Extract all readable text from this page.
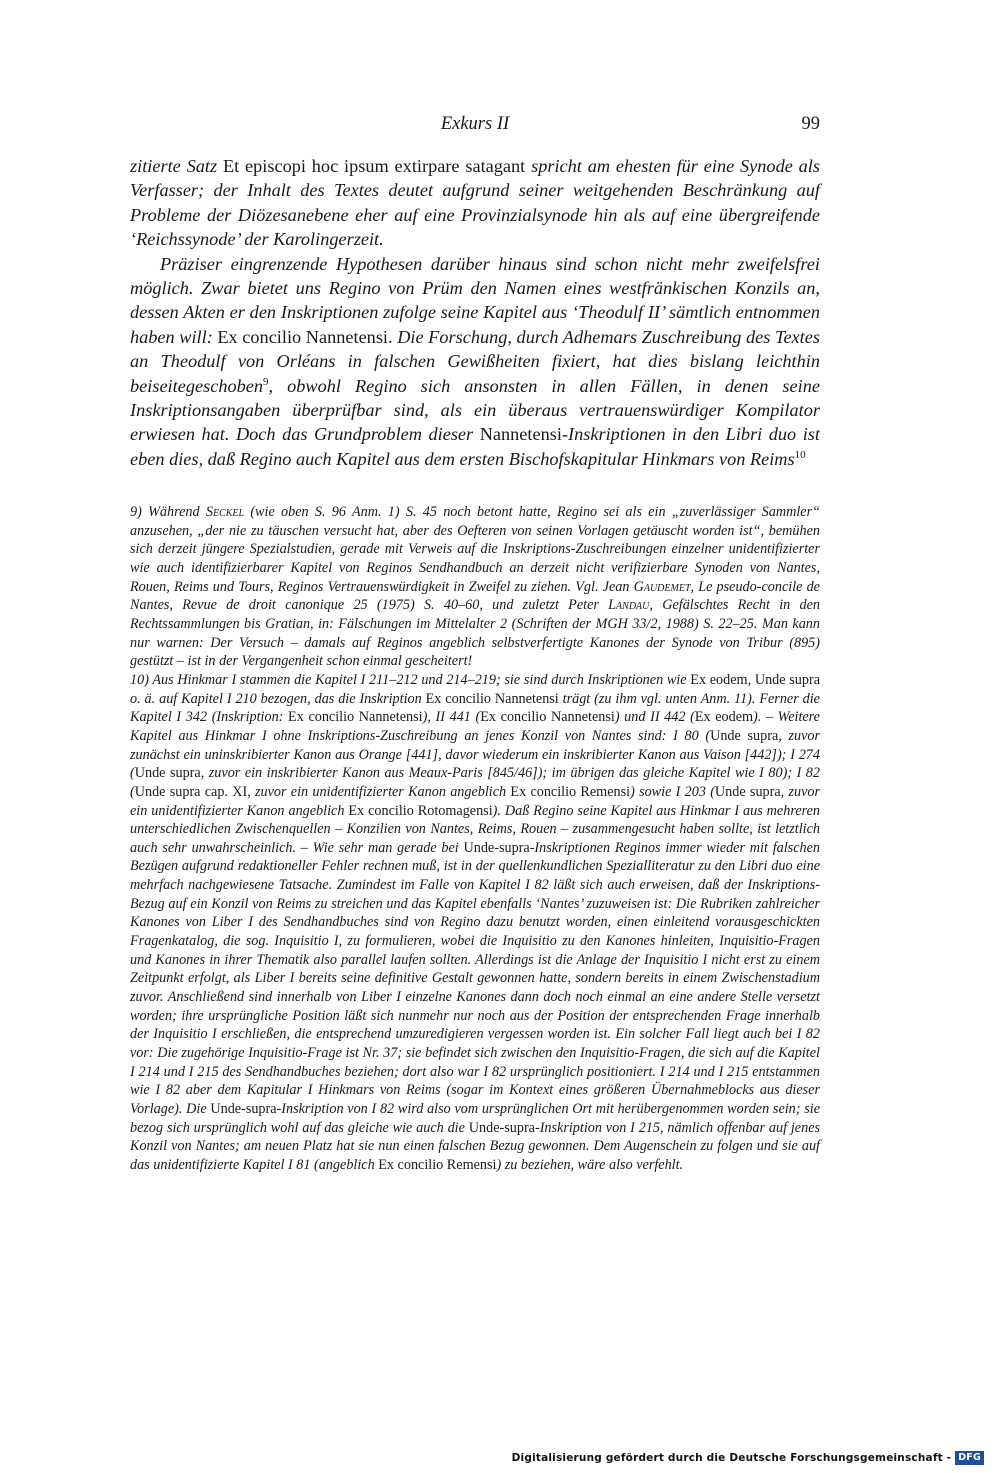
Exkurs II	99

zitierte Satz Et episcopi hoc ipsum extirpare satagant spricht am ehesten für eine Synode als Verfasser; der Inhalt des Textes deutet aufgrund seiner weitgehenden Beschränkung auf Probleme der Diözesanebene eher auf eine Provinzialsynode hin als auf eine übergreifende ‘Reichssynode’ der Karolingerzeit.

Präziser eingrenzende Hypothesen darüber hinaus sind schon nicht mehr zweifelsfrei möglich. Zwar bietet uns Regino von Prüm den Namen eines westfränkischen Konzils an, dessen Akten er den Inskriptionen zufolge seine Kapitel aus ‘Theodulf II’ sämtlich entnommen haben will: Ex concilio Nannetensi. Die Forschung, durch Adhemars Zuschreibung des Textes an Theodulf von Orléans in falschen Gewißheiten fixiert, hat dies bislang leichthin beiseitegeschoben$^9$, obwohl Regino sich ansonsten in allen Fällen, in denen seine Inskriptionsangaben überprüfbar sind, als ein überaus vertrauenswürdiger Kompilator erwiesen hat. Doch das Grundproblem dieser Nannetensi-Inskriptionen in den Libri duo ist eben dies, daß Regino auch Kapitel aus dem ersten Bischofskapitular Hinkmars von Reims$^{10}$

9) Während Seckel (wie oben S. 96 Anm. 1) S. 45 noch betont hatte, Regino sei als ein „zuverlässiger Sammler“ anzusehen, „der nie zu täuschen versucht hat, aber des Oefteren von seinen Vorlagen getäuscht worden ist“, bemühen sich derzeit jüngere Spezialstudien, gerade mit Verweis auf die Inskriptions-Zuschreibungen einzelner unidentifizierter wie auch identifizierbarer Kapitel von Reginos Sendhandbuch an derzeit nicht verifizierbare Synoden von Nantes, Rouen, Reims und Tours, Reginos Vertrauenswürdigkeit in Zweifel zu ziehen. Vgl. Jean Gaudemet, Le pseudo-concile de Nantes, Revue de droit canonique 25 (1975) S. 40–60, und zuletzt Peter Landau, Gefälschtes Recht in den Rechtssammlungen bis Gratian, in: Fälschungen im Mittelalter 2 (Schriften der MGH 33/2, 1988) S. 22–25. Man kann nur warnen: Der Versuch – damals auf Reginos angeblich selbstverfertigte Kanones der Synode von Tribur (895) gestützt – ist in der Vergangenheit schon einmal gescheitert!

10) Aus Hinkmar I stammen die Kapitel I 211–212 und 214–219; sie sind durch Inskriptionen wie Ex eodem, Unde supra o. ä. auf Kapitel I 210 bezogen, das die Inskription Ex concilio Nannetensi trägt (zu ihm vgl. unten Anm. 11). Ferner die Kapitel I 342 (Inskription: Ex concilio Nannetensi), II 441 (Ex concilio Nannetensi) und II 442 (Ex eodem). – Weitere Kapitel aus Hinkmar I ohne Inskriptions-Zuschreibung an jenes Konzil von Nantes sind: I 80 (Unde supra, zuvor zunächst ein uninskribierter Kanon aus Orange [441], davor wiederum ein inskribierter Kanon aus Vaison [442]); I 274 (Unde supra, zuvor ein inskribierter Kanon aus Meaux-Paris [845/46]); im übrigen das gleiche Kapitel wie I 80); I 82 (Unde supra cap. XI, zuvor ein unidentifizierter Kanon angeblich Ex concilio Remensi) sowie I 203 (Unde supra, zuvor ein unidentifizierter Kanon angeblich Ex concilio Rotomagensi). Daß Regino seine Kapitel aus Hinkmar I aus mehreren unterschiedlichen Zwischenquellen – Konzilien von Nantes, Reims, Rouen – zusammengesucht haben sollte, ist letztlich auch sehr unwahrscheinlich. – Wie sehr man gerade bei Unde-supra-Inskriptionen Reginos immer wieder mit falschen Bezügen aufgrund redaktioneller Fehler rechnen muß, ist in der quellenkundlichen Spezialliteratur zu den Libri duo eine mehrfach nachgewiesene Tatsache. Zumindest im Falle von Kapitel I 82 läßt sich auch erweisen, daß der Inskriptions-Bezug auf ein Konzil von Reims zu streichen und das Kapitel ebenfalls ‘Nantes’ zuzuweisen ist: Die Rubriken zahlreicher Kanones von Liber I des Sendhandbuches sind von Regino dazu benutzt worden, einen einleitend vorausgeschickten Fragenkatalog, die sog. Inquisitio I, zu formulieren, wobei die Inquisitio zu den Kanones hinleiten, Inquisitio-Fragen und Kanones in ihrer Thematik also parallel laufen sollten. Allerdings ist die Anlage der Inquisitio I nicht erst zu einem Zeitpunkt erfolgt, als Liber I bereits seine definitive Gestalt gewonnen hatte, sondern bereits in einem Zwischenstadium zuvor. Anschließend sind innerhalb von Liber I einzelne Kanones dann doch noch einmal an eine andere Stelle versetzt worden; ihre ursprüngliche Position läßt sich nunmehr nur noch aus der Position der entsprechenden Frage innerhalb der Inquisitio I erschließen, die entsprechend umzuredigieren vergessen worden ist. Ein solcher Fall liegt auch bei I 82 vor: Die zugehörige Inquisitio-Frage ist Nr. 37; sie befindet sich zwischen den Inquisitio-Fragen, die sich auf die Kapitel I 214 und I 215 des Sendhandbuches beziehen; dort also war I 82 ursprünglich positioniert. I 214 und I 215 entstammen wie I 82 aber dem Kapitular I Hinkmars von Reims (sogar im Kontext eines größeren Übernahmeblocks aus dieser Vorlage). Die Unde-supra-Inskription von I 82 wird also vom ursprünglichen Ort mit herübergenommen worden sein; sie bezog sich ursprünglich wohl auf das gleiche wie auch die Unde-supra-Inskription von I 215, nämlich offenbar auf jenes Konzil von Nantes; am neuen Platz hat sie nun einen falschen Bezug gewonnen. Dem Augenschein zu folgen und sie auf das unidentifizierte Kapitel I 81 (angeblich Ex concilio Remensi) zu beziehen, wäre also verfehlt.

Digitalisierung gefördert durch die Deutsche Forschungsgemeinschaft - DFG
